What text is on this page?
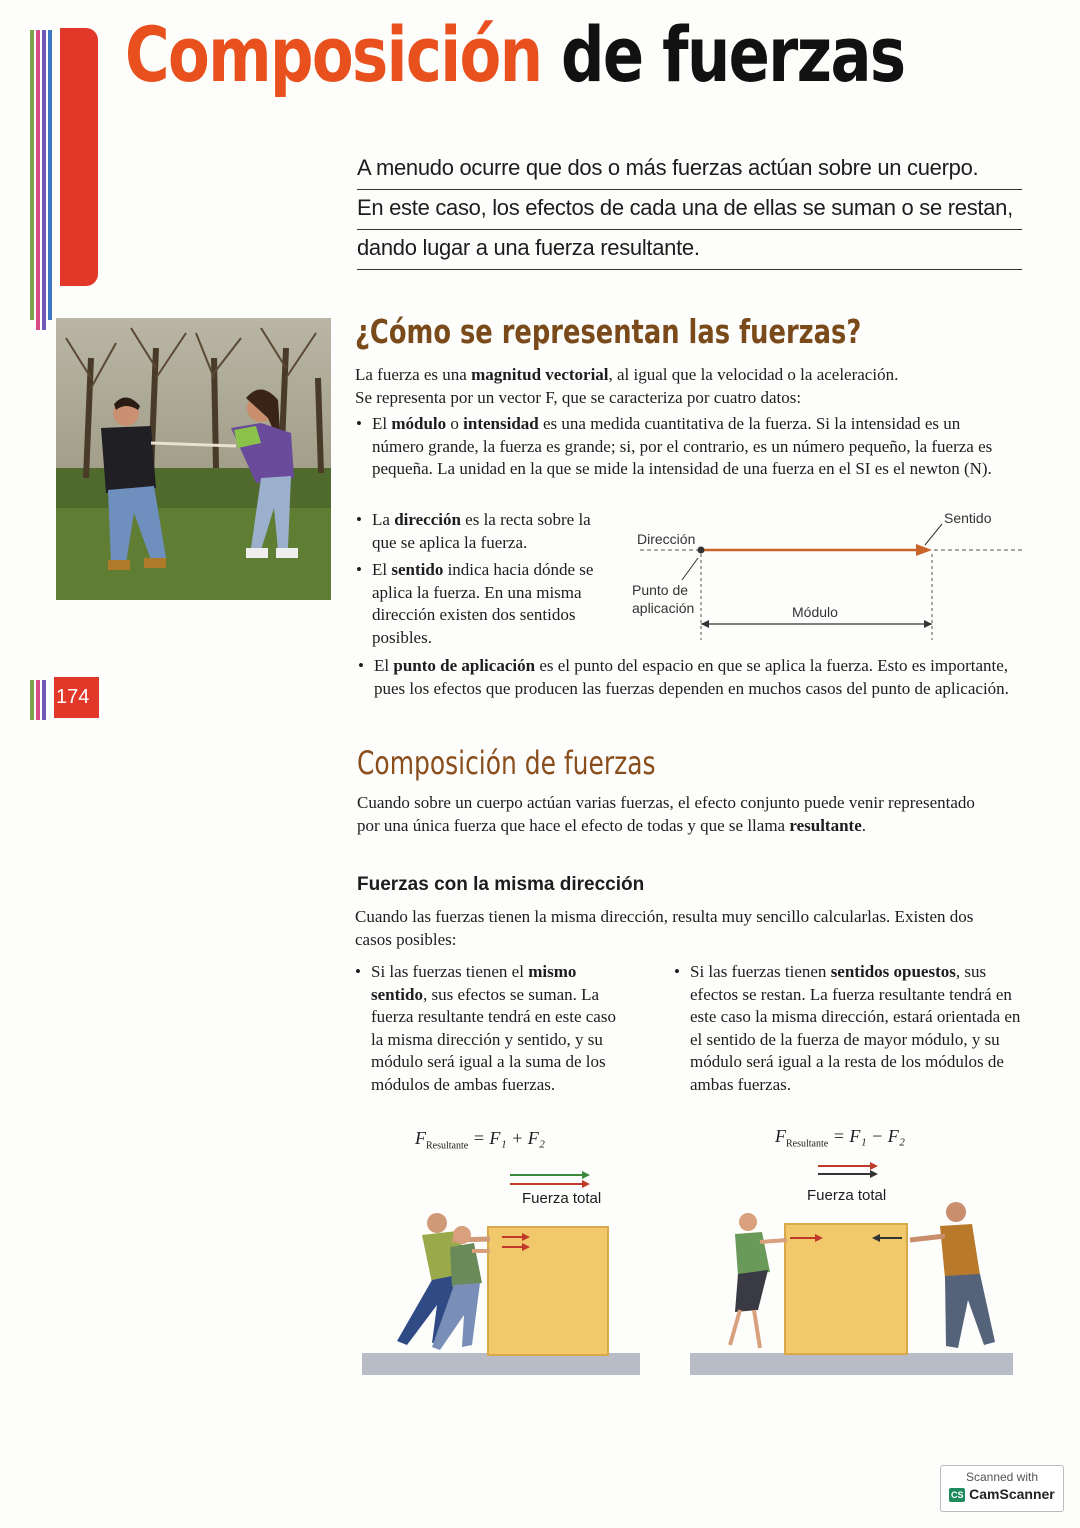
Composición de fuerzas
A menudo ocurre que dos o más fuerzas actúan sobre un cuerpo.
En este caso, los efectos de cada una de ellas se suman o se restan,
dando lugar a una fuerza resultante.
174
¿Cómo se representan las fuerzas?
La fuerza es una magnitud vectorial, al igual que la velocidad o la aceleración.
Se representa por un vector F, que se caracteriza por cuatro datos:
• El módulo o intensidad es una medida cuantitativa de la fuerza. Si la intensidad es un número grande, la fuerza es grande; si, por el contrario, es un número pequeño, la fuerza es pequeña. La unidad en la que se mide la intensidad de una fuerza en el SI es el newton (N).
• La dirección es la recta sobre la que se aplica la fuerza.
• El sentido indica hacia dónde se aplica la fuerza. En una misma dirección existen dos sentidos posibles.
Dirección
Sentido
Punto de
aplicación	Módulo
• El punto de aplicación es el punto del espacio en que se aplica la fuerza. Esto es importante, pues los efectos que producen las fuerzas dependen en muchos casos del punto de aplicación.
Composición de fuerzas
Cuando sobre un cuerpo actúan varias fuerzas, el efecto conjunto puede venir representado por una única fuerza que hace el efecto de todas y que se llama resultante.
Fuerzas con la misma dirección
Cuando las fuerzas tienen la misma dirección, resulta muy sencillo calcularlas. Existen dos casos posibles:
• Si las fuerzas tienen el mismo sentido, sus efectos se suman. La fuerza resultante tendrá en este caso la misma dirección y sentido, y su módulo será igual a la suma de los módulos de ambas fuerzas.
• Si las fuerzas tienen sentidos opuestos, sus efectos se restan. La fuerza resultante tendrá en este caso la misma dirección, estará orientada en el sentido de la fuerza de mayor módulo, y su módulo será igual a la resta de los módulos de ambas fuerzas.
$F_{Resultante} = F_1 + F_2$	$F_{Resultante} = F_1 - F_2$
Fuerza total	Fuerza total
Scanned with
CS CamScanner
